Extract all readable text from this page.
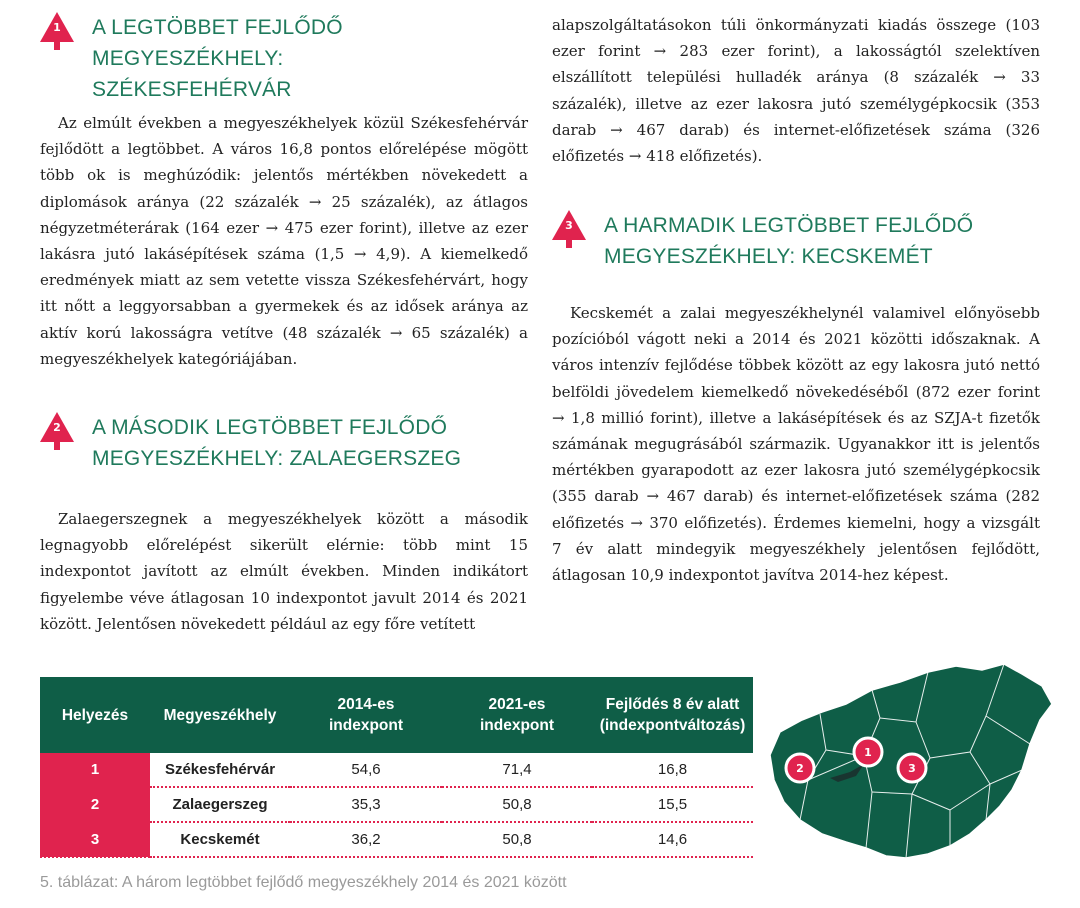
1	A LEGTÖBBET FEJLŐDŐ MEGYESZÉKHELY:
SZÉKESFEHÉRVÁR

Az elmúlt években a megyeszékhelyek közül Székesfehérvár fejlődött a legtöbbet. A város 16,8 pontos előrelépése mögött több ok is meghúzódik: jelentős mértékben növekedett a diplomások aránya (22 százalék → 25 százalék), az átlagos négyzetméterárak (164 ezer → 475 ezer forint), illetve az ezer lakásra jutó lakásépítések száma (1,5 → 4,9). A kiemelkedő eredmények miatt az sem vetette vissza Székesfehérvárt, hogy itt nőtt a leggyorsabban a gyermekek és az idősek aránya az aktív korú lakosságra vetítve (48 százalék → 65 százalék) a megyeszékhelyek kategóriájában.

2	A MÁSODIK LEGTÖBBET FEJLŐDŐ
MEGYESZÉKHELY: ZALAEGERSZEG

Zalaegerszegnek a megyeszékhelyek között a második legnagyobb előrelépést sikerült elérnie: több mint 15 indexpontot javított az elmúlt években. Minden indikátort figyelembe véve átlagosan 10 indexpontot javult 2014 és 2021 között. Jelentősen növekedett például az egy főre vetített

alapszolgáltatásokon túli önkormányzati kiadás összege (103 ezer forint → 283 ezer forint), a lakosságtól szelektíven elszállított települési hulladék aránya (8 százalék → 33 százalék), illetve az ezer lakosra jutó személygépkocsik (353 darab → 467 darab) és internet-előfizetések száma (326 előfizetés → 418 előfizetés).

3	A HARMADIK LEGTÖBBET FEJLŐDŐ
MEGYESZÉKHELY: KECSKEMÉT

Kecskemét a zalai megyeszékhelynél valamivel előnyösebb pozícióból vágott neki a 2014 és 2021 közötti időszaknak. A város intenzív fejlődése többek között az egy lakosra jutó nettó belföldi jövedelem kiemelkedő növekedéséből (872 ezer forint → 1,8 millió forint), illetve a lakásépítések és az SZJA-t fizetők számának megugrásából származik. Ugyanakkor itt is jelentős mértékben gyarapodott az ezer lakosra jutó személygépkocsik (355 darab → 467 darab) és internet-előfizetések száma (282 előfizetés → 370 előfizetés). Érdemes kiemelni, hogy a vizsgált 7 év alatt mindegyik megyeszékhely jelentősen fejlődött, átlagosan 10,9 indexpontot javítva 2014-hez képest.

Helyezés	Megyeszékhely	2014-es
indexpont	2021-es
indexpont	Fejlődés 8 év alatt
(indexpontváltozás)
1	Székesfehérvár	54,6	71,4	16,8
2	Zalaegerszeg	35,3	50,8	15,5
3	Kecskemét	36,2	50,8	14,6
2
1
3

5. táblázat: A három legtöbbet fejlődő megyeszékhely 2014 és 2021 között
